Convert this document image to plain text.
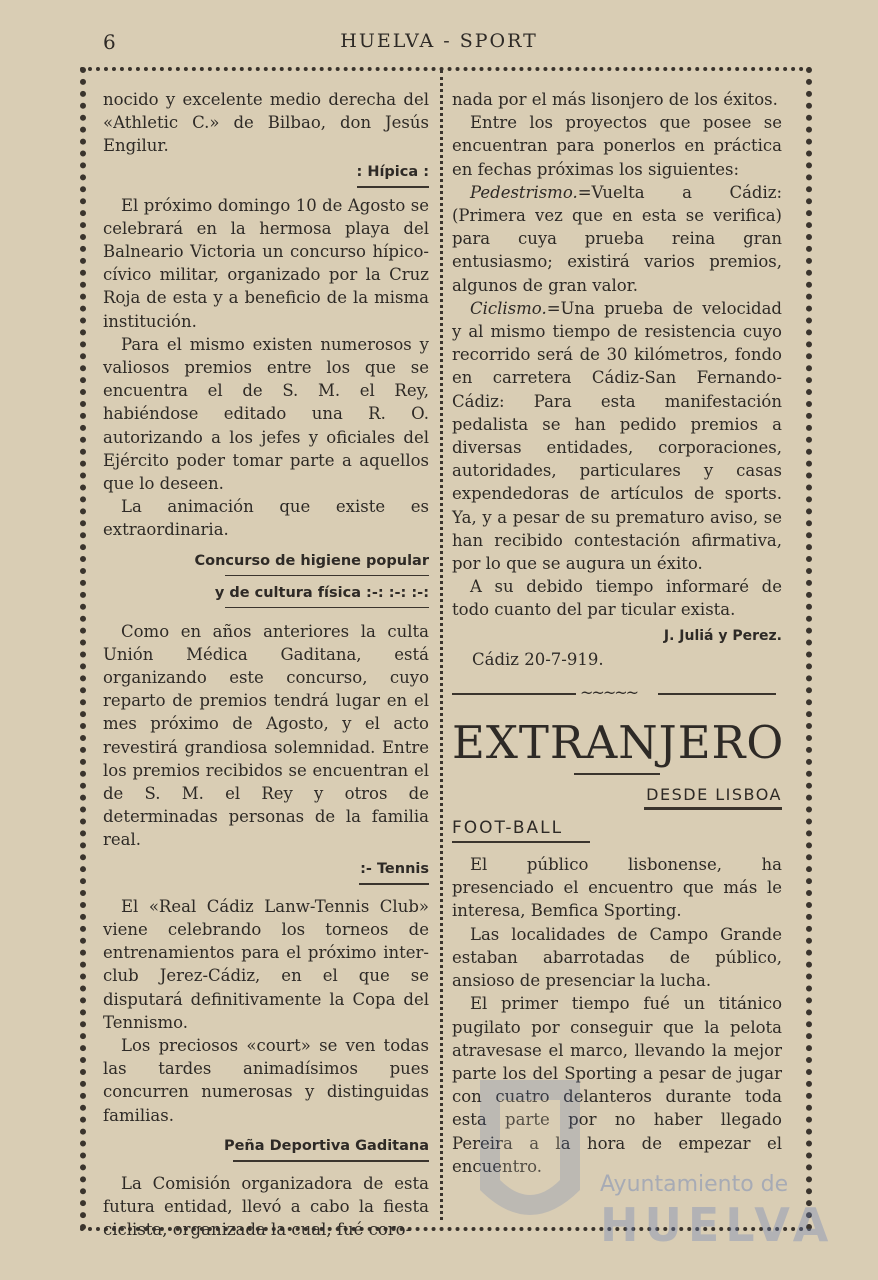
6	HUELVA - SPORT

nocido y excelente medio derecha del «Athletic C.» de Bilbao, don Jesús Engilur.

: Hípica :

El próximo domingo 10 de Agosto se celebrará en la hermosa playa del Balneario Victoria un concurso hípico-cívico militar, organizado por la Cruz Roja de esta y a beneficio de la misma institución.

Para el mismo existen numerosos y valiosos premios entre los que se encuentra el de S. M. el Rey, habiéndose editado una R. O. autorizando a los jefes y oficiales del Ejército poder tomar parte a aquellos que lo deseen.

La animación que existe es extraordinaria.

Concurso de higiene popular
y de cultura física :-: :-: :-:

Como en años anteriores la culta Unión Médica Gaditana, está organizando este concurso, cuyo reparto de premios tendrá lugar en el mes próximo de Agosto, y el acto revestirá grandiosa solemnidad. Entre los premios recibidos se encuentran el de S. M. el Rey y otros de determinadas personas de la familia real.

:- Tennis

El «Real Cádiz Lanw-Tennis Club» viene celebrando los torneos de entrenamientos para el próximo inter-club Jerez-Cádiz, en el que se disputará definitivamente la Copa del Tennismo.

Los preciosos «court» se ven todas las tardes animadísimos pues concurren numerosas y distinguidas familias.

Peña Deportiva Gaditana

La Comisión organizadora de esta futura entidad, llevó a cabo la fiesta ciclista, organizada la cual, fué coro-

nada por el más lisonjero de los éxitos.

Entre los proyectos que posee se encuentran para ponerlos en práctica en fechas próximas los siguientes:

Pedestrismo.=Vuelta a Cádiz: (Primera vez que en esta se verifica) para cuya prueba reina gran entusiasmo; existirá varios premios, algunos de gran valor.

Ciclismo.=Una prueba de velocidad y al mismo tiempo de resistencia cuyo recorrido será de 30 kilómetros, fondo en carretera Cádiz-San Fernando-Cádiz: Para esta manifestación pedalista se han pedido premios a diversas entidades, corporaciones, autoridades, particulares y casas expendedoras de artículos de sports. Ya, y a pesar de su prematuro aviso, se han recibido contestación afirmativa, por lo que se augura un éxito.

A su debido tiempo informaré de todo cuanto del par ticular exista.

J. Juliá y Perez.

Cádiz 20-7-919.

~~~~~
EXTRANJERO
DESDE LISBOA
FOOT-BALL

El público lisbonense, ha presenciado el encuentro que más le interesa, Bemfica Sporting.

Las localidades de Campo Grande estaban abarrotadas de público, ansioso de presenciar la lucha.

El primer tiempo fué un titánico pugilato por conseguir que la pelota atravesase el marco, llevando la mejor parte los del Sporting a pesar de jugar con cuatro delanteros durante toda esta parte por no haber llegado Pereira a la hora de empezar el encuentro.

Ayuntamiento de
HUELVA
